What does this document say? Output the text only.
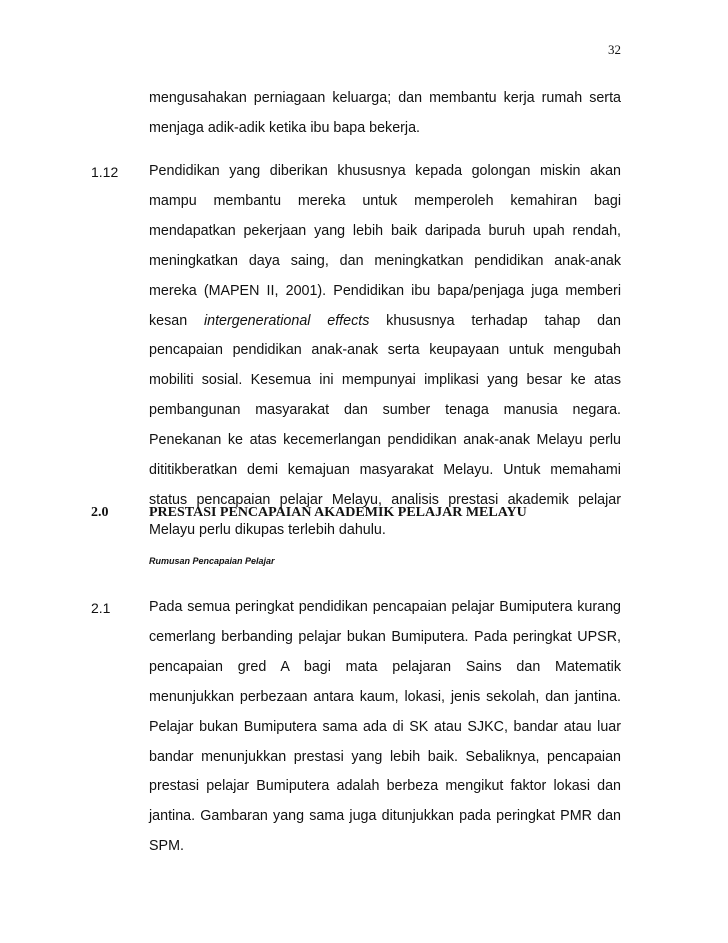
32
mengusahakan perniagaan keluarga; dan membantu kerja rumah serta menjaga adik-adik ketika ibu bapa bekerja.
1.12 Pendidikan yang diberikan khususnya kepada golongan miskin akan mampu membantu mereka untuk memperoleh kemahiran bagi mendapatkan pekerjaan yang lebih baik daripada buruh upah rendah, meningkatkan daya saing, dan meningkatkan pendidikan anak-anak mereka (MAPEN II, 2001). Pendidikan ibu bapa/penjaga juga memberi kesan intergenerational effects khususnya terhadap tahap dan pencapaian pendidikan anak-anak serta keupayaan untuk mengubah mobiliti sosial. Kesemua ini mempunyai implikasi yang besar ke atas pembangunan masyarakat dan sumber tenaga manusia negara. Penekanan ke atas kecemerlangan pendidikan anak-anak Melayu perlu dititikberatkan demi kemajuan masyarakat Melayu. Untuk memahami status pencapaian pelajar Melayu, analisis prestasi akademik pelajar Melayu perlu dikupas terlebih dahulu.
2.0	PRESTASI PENCAPAIAN AKADEMIK PELAJAR MELAYU
Rumusan Pencapaian Pelajar
2.1	Pada semua peringkat pendidikan pencapaian pelajar Bumiputera kurang cemerlang berbanding pelajar bukan Bumiputera. Pada peringkat UPSR, pencapaian gred A bagi mata pelajaran Sains dan Matematik menunjukkan perbezaan antara kaum, lokasi, jenis sekolah, dan jantina. Pelajar bukan Bumiputera sama ada di SK atau SJKC, bandar atau luar bandar menunjukkan prestasi yang lebih baik. Sebaliknya, pencapaian prestasi pelajar Bumiputera adalah berbeza mengikut faktor lokasi dan jantina. Gambaran yang sama juga ditunjukkan pada peringkat PMR dan SPM.
